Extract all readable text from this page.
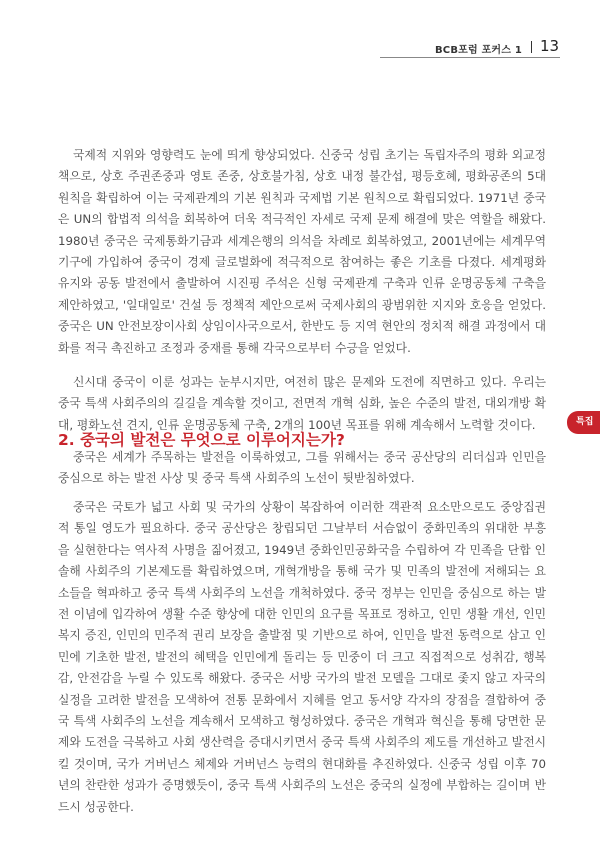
BCB포럼 포커스 1 13
특집

국제적 지위와 영향력도 눈에 띄게 향상되었다. 신중국 성립 초기는 독립자주의 평화 외교정책으로, 상호 주권존중과 영토 존중, 상호불가침, 상호 내정 불간섭, 평등호혜, 평화공존의 5대 원칙을 확립하여 이는 국제관계의 기본 원칙과 국제법 기본 원칙으로 확립되었다. 1971년 중국은 UN의 합법적 의석을 회복하여 더욱 적극적인 자세로 국제 문제 해결에 맞은 역할을 해왔다. 1980년 중국은 국제통화기금과 세계은행의 의석을 차례로 회복하였고, 2001년에는 세계무역기구에 가입하여 중국이 경제 글로벌화에 적극적으로 참여하는 좋은 기초를 다졌다. 세계평화 유지와 공동 발전에서 출발하여 시진핑 주석은 신형 국제관계 구축과 인류 운명공동체 구축을 제안하였고, '일대일로' 건설 등 정책적 제안으로써 국제사회의 광범위한 지지와 호응을 얻었다. 중국은 UN 안전보장이사회 상임이사국으로서, 한반도 등 지역 현안의 정치적 해결 과정에서 대화를 적극 촉진하고 조정과 중재를 통해 각국으로부터 수긍을 얻었다.

신시대 중국이 이룬 성과는 눈부시지만, 여전히 많은 문제와 도전에 직면하고 있다. 우리는 중국 특색 사회주의의 길길을 계속할 것이고, 전면적 개혁 심화, 높은 수준의 발전, 대외개방 확대, 평화노선 견지, 인류 운명공동체 구축, 2개의 100년 목표를 위해 계속해서 노력할 것이다.

2. 중국의 발전은 무엇으로 이루어지는가?

중국은 세계가 주목하는 발전을 이룩하였고, 그를 위해서는 중국 공산당의 리더십과 인민을 중심으로 하는 발전 사상 및 중국 특색 사회주의 노선이 뒷받침하였다.

중국은 국토가 넓고 사회 및 국가의 상황이 복잡하여 이러한 객관적 요소만으로도 중앙집권적 통일 영도가 필요하다. 중국 공산당은 창립되던 그날부터 서슴없이 중화민족의 위대한 부흥을 실현한다는 역사적 사명을 짊어졌고, 1949년 중화인민공화국을 수립하여 각 민족을 단합 인솔해 사회주의 기본제도를 확립하였으며, 개혁개방을 통해 국가 및 민족의 발전에 저해되는 요소들을 혁파하고 중국 특색 사회주의 노선을 개척하였다. 중국 정부는 인민을 중심으로 하는 발전 이념에 입각하여 생활 수준 향상에 대한 인민의 요구를 목표로 정하고, 인민 생활 개선, 인민 복지 증진, 인민의 민주적 권리 보장을 출발점 및 기반으로 하여, 인민을 발전 동력으로 삼고 인민에 기초한 발전, 발전의 혜택을 인민에게 돌리는 등 민중이 더 크고 직접적으로 성취감, 행복감, 안전감을 누릴 수 있도록 해왔다. 중국은 서방 국가의 발전 모델을 그대로 좇지 않고 자국의 실정을 고려한 발전을 모색하여 전통 문화에서 지혜를 얻고 동서양 각자의 장점을 결합하여 중국 특색 사회주의 노선을 계속해서 모색하고 형성하였다. 중국은 개혁과 혁신을 통해 당면한 문제와 도전을 극복하고 사회 생산력을 증대시키면서 중국 특색 사회주의 제도를 개선하고 발전시킬 것이며, 국가 거버넌스 체제와 거버넌스 능력의 현대화를 추진하였다. 신중국 성립 이후 70년의 찬란한 성과가 증명했듯이, 중국 특색 사회주의 노선은 중국의 실정에 부합하는 길이며 반드시 성공한다.
